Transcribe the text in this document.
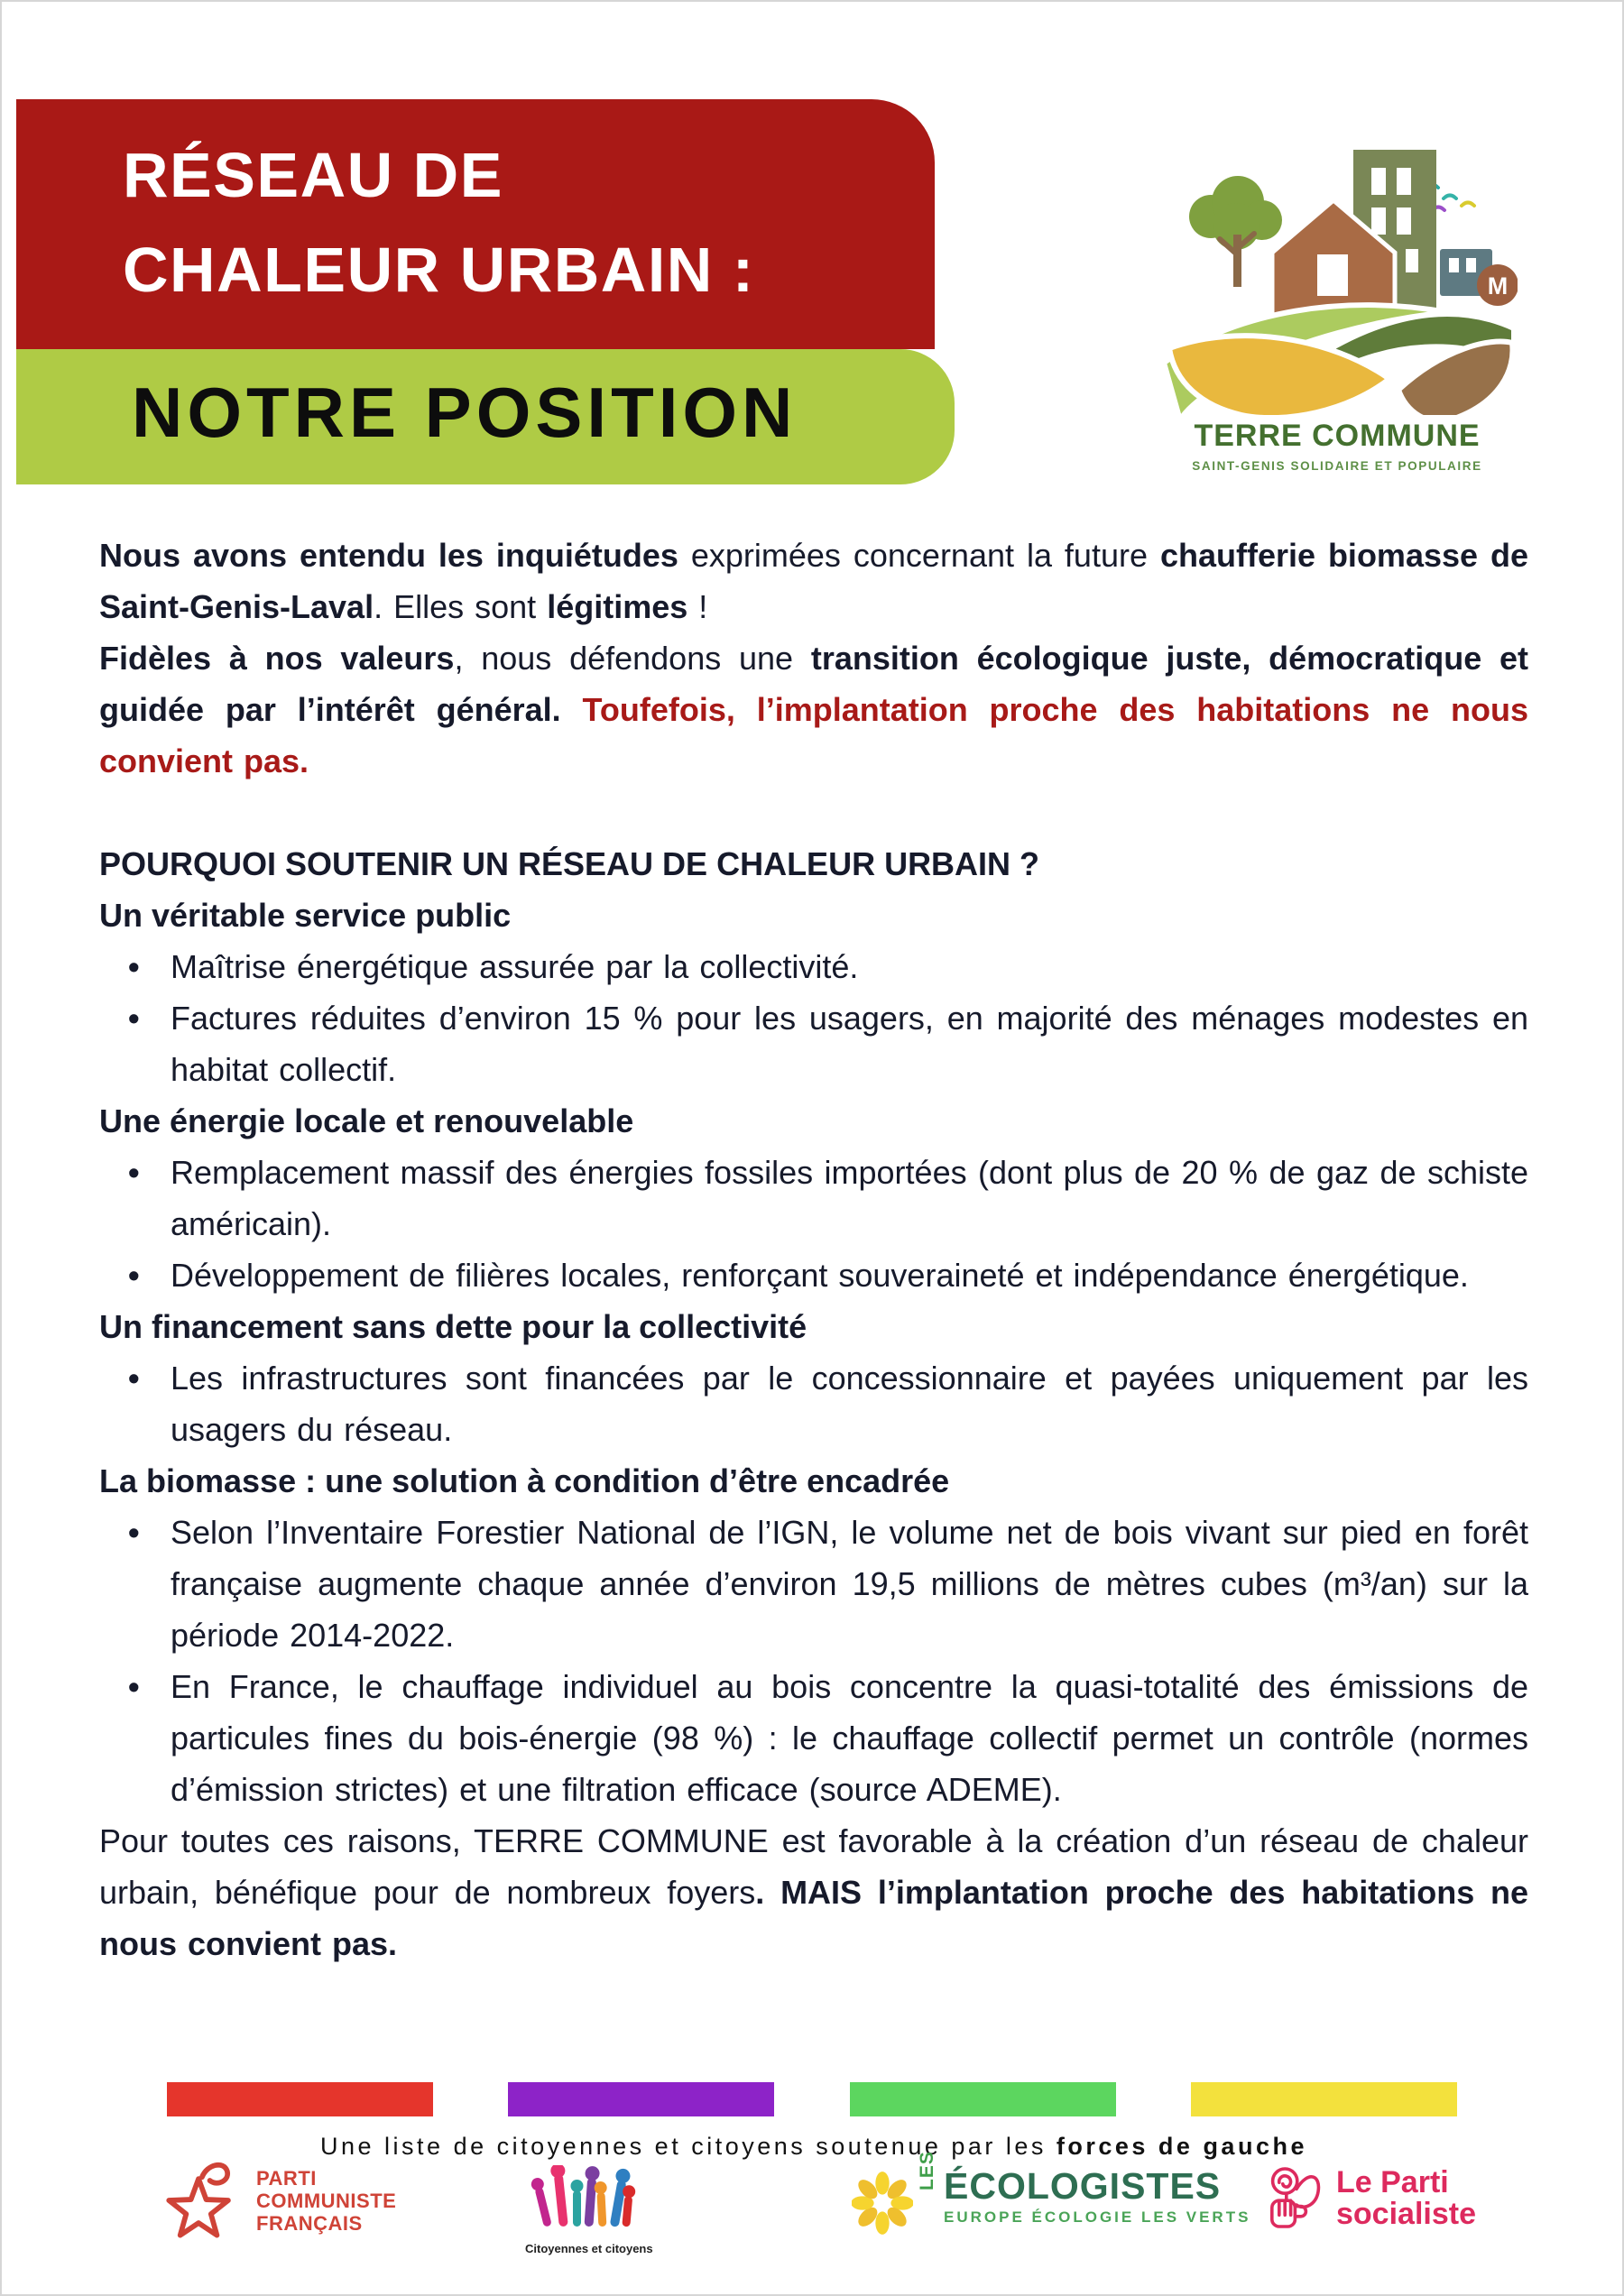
RÉSEAU DE
CHALEUR URBAIN :
NOTRE POSITION
M
TERRE COMMUNE
SAINT-GENIS SOLIDAIRE ET POPULAIRE

Nous avons entendu les inquiétudes exprimées concernant la future chaufferie biomasse de Saint-Genis-Laval. Elles sont légitimes !

Fidèles à nos valeurs, nous défendons une transition écologique juste, démocratique et guidée par l’intérêt général. Toufefois, l’implantation proche des habitations ne nous convient pas.

POURQUOI SOUTENIR UN RÉSEAU DE CHALEUR URBAIN ?
Un véritable service public
• Maîtrise énergétique assurée par la collectivité.
• Factures réduites d’environ 15 % pour les usagers, en majorité des ménages modestes en habitat collectif.
Une énergie locale et renouvelable
• Remplacement massif des énergies fossiles importées (dont plus de 20 % de gaz de schiste américain).
• Développement de filières locales, renforçant souveraineté et indépendance énergétique.
Un financement sans dette pour la collectivité
• Les infrastructures sont financées par le concessionnaire et payées uniquement par les usagers du réseau.
La biomasse : une solution à condition d’être encadrée
• Selon l’Inventaire Forestier National de l’IGN, le volume net de bois vivant sur pied en forêt française augmente chaque année d’environ 19,5 millions de mètres cubes (m³/an) sur la période 2014-2022.
• En France, le chauffage individuel au bois concentre la quasi-totalité des émissions de particules fines du bois-énergie (98 %) : le chauffage collectif permet un contrôle (normes d’émission strictes) et une filtration efficace (source ADEME).

Pour toutes ces raisons, TERRE COMMUNE est favorable à la création d’un réseau de chaleur urbain, bénéfique pour de nombreux foyers. MAIS l’implantation proche des habitations ne nous convient pas.

Une liste de citoyennes et citoyens soutenue par les forces de gauche
PARTI
COMMUNISTE
FRANÇAIS
Citoyennes et citoyens
LES ÉCOLOGISTES
EUROPE ÉCOLOGIE LES VERTS
Le Parti
socialiste
